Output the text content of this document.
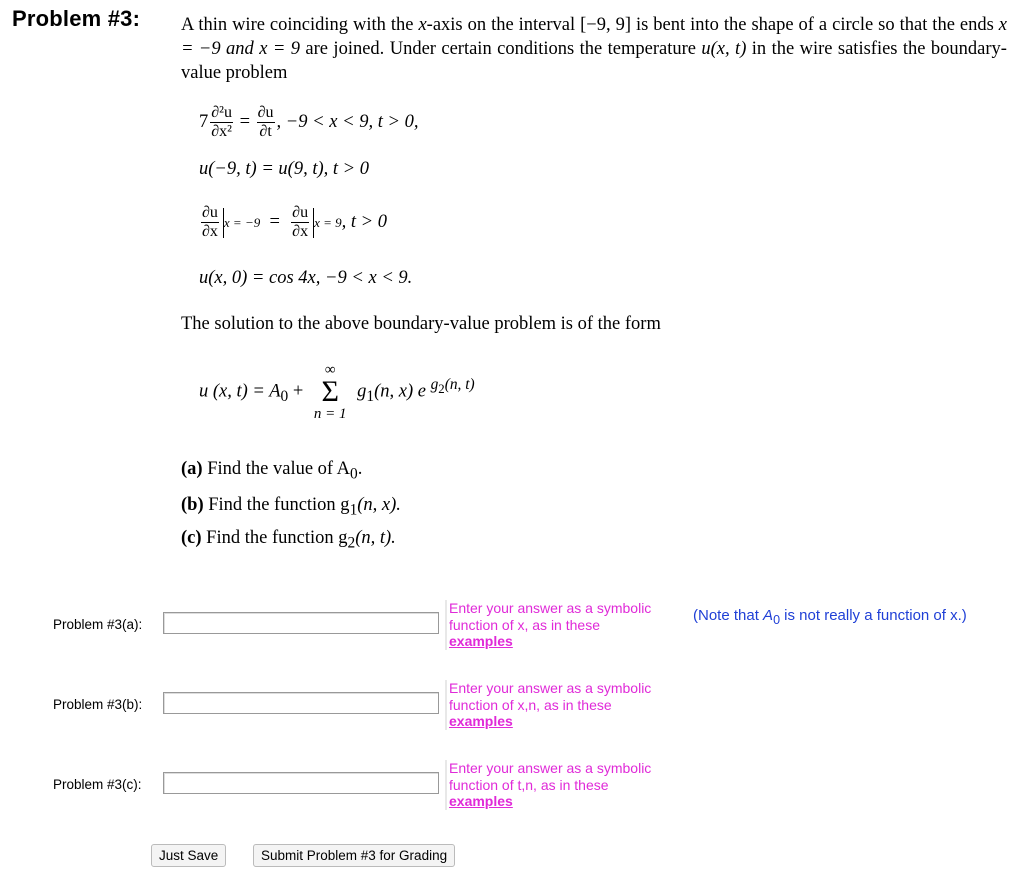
Problem #3: A thin wire coinciding with the x-axis on the interval [−9, 9] is bent into the shape of a circle so that the ends x = −9 and x = 9 are joined. Under certain conditions the temperature u(x, t) in the wire satisfies the boundary-value problem
$7 \frac{\text{∂²u}}{\text{∂x²}} = \frac{\partial u}{\partial t}$ , −9 < x < 9, t > 0,
u(−9, t) = u(9, t), t > 0
$\frac{\partial u}{\partial x}$ $x = -9 = \frac{\partial u}{\partial x}$ x = 9, t > 0
u(x, 0) = cos 4x, −9 < x < 9.
The solution to the above boundary-value problem is of the form
u (x, $t) = A_0$ +
∞
Σ
n = 1
$g_1(n$, x) e $^{g_2(n, t)}$
(a) Find the value of $A_0$.
(b) Find the function $g_1(n$, x).
(c) Find the function $g_2(n$, t).
Problem #3(a):
Enter your answer as a symbolic
function of x, as in these
examples
(Note that $A_0$ is not really a function of x.)
Problem #3(b):
Enter your answer as a symbolic
function of x,n, as in these
examples
Problem #3(c):
Enter your answer as a symbolic
function of t,n, as in these
examples
Just Save	Submit Problem #3 for Grading
